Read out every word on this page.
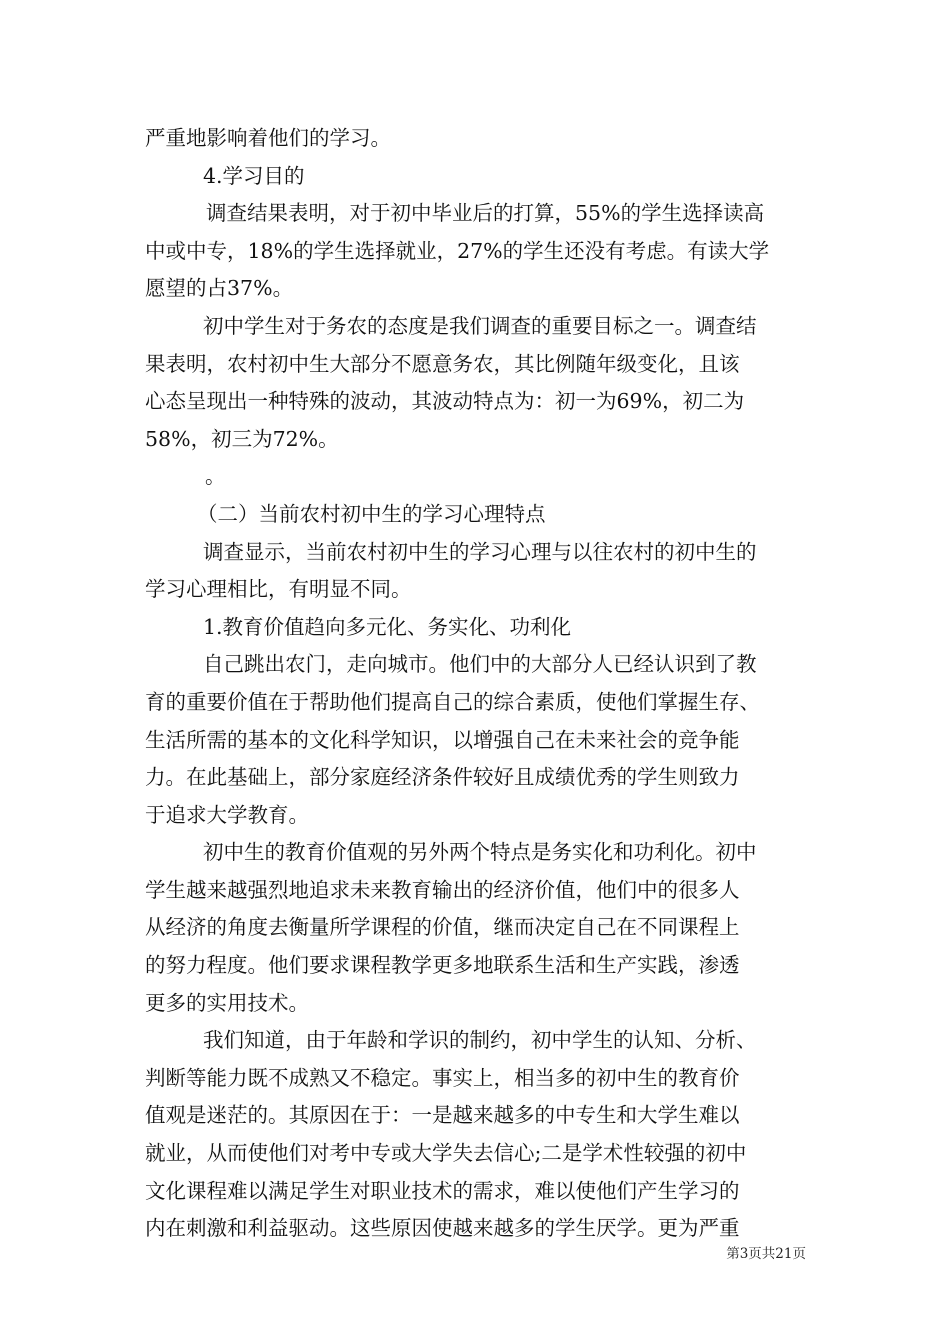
严重地影响着他们的学习。
4.学习目的
调查结果表明，对于初中毕业后的打算，55%的学生选择读高
中或中专，18%的学生选择就业，27%的学生还没有考虑。有读大学
愿望的占37%。
初中学生对于务农的态度是我们调查的重要目标之一。调查结
果表明，农村初中生大部分不愿意务农，其比例随年级变化，且该
心态呈现出一种特殊的波动，其波动特点为：初一为69%，初二为
58%，初三为72%。
。
（二）当前农村初中生的学习心理特点
调查显示，当前农村初中生的学习心理与以往农村的初中生的
学习心理相比，有明显不同。
1.教育价值趋向多元化、务实化、功利化
自己跳出农门，走向城市。他们中的大部分人已经认识到了教
育的重要价值在于帮助他们提高自己的综合素质，使他们掌握生存、
生活所需的基本的文化科学知识，以增强自己在未来社会的竞争能
力。在此基础上，部分家庭经济条件较好且成绩优秀的学生则致力
于追求大学教育。
初中生的教育价值观的另外两个特点是务实化和功利化。初中
学生越来越强烈地追求未来教育输出的经济价值，他们中的很多人
从经济的角度去衡量所学课程的价值，继而决定自己在不同课程上
的努力程度。他们要求课程教学更多地联系生活和生产实践，渗透
更多的实用技术。
我们知道，由于年龄和学识的制约，初中学生的认知、分析、
判断等能力既不成熟又不稳定。事实上，相当多的初中生的教育价
值观是迷茫的。其原因在于：一是越来越多的中专生和大学生难以
就业，从而使他们对考中专或大学失去信心;二是学术性较强的初中
文化课程难以满足学生对职业技术的需求，难以使他们产生学习的
内在刺激和利益驱动。这些原因使越来越多的学生厌学。更为严重
第3页共21页
